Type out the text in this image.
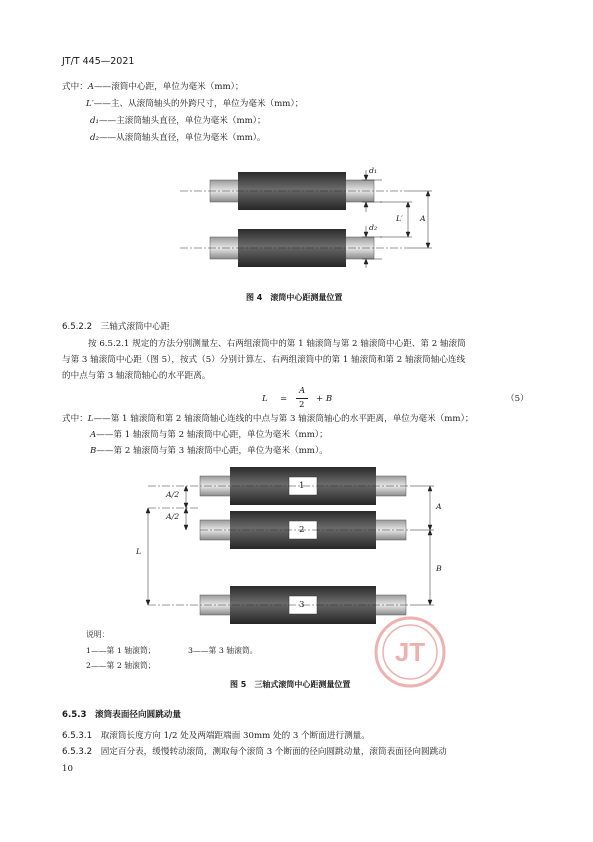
JT/T 445—2021
式中：A——滚筒中心距，单位为毫米（mm）；
L′——主、从滚筒轴头的外跨尺寸，单位为毫米（mm）；
d₁——主滚筒轴头直径，单位为毫米（mm）；
d₂——从滚筒轴头直径，单位为毫米（mm）。
d₁
d₂
L′ A
图 4　滚筒中心距测量位置
6.5.2.2　三轴式滚筒中心距
按 6.5.2.1 规定的方法分别测量左、右两组滚筒中的第 1 轴滚筒与第 2 轴滚筒中心距、第 2 轴滚筒
与第 3 轴滚筒中心距（图 5），按式（5）分别计算左、右两组滚筒中的第 1 轴滚筒和第 2 轴滚筒轴心连线
的中点与第 3 轴滚筒轴心的水平距离。
L =
A
2
+ B	（5）
式中：L——第 1 轴滚筒和第 2 轴滚筒轴心连线的中点与第 3 轴滚筒轴心的水平距离，单位为毫米（mm）；
A——第 1 轴滚筒与第 2 轴滚筒中心距，单位为毫米（mm）；
B——第 2 轴滚筒与第 3 轴滚筒中心距，单位为毫米（mm）。
1
2
3
A/2
A/2
L
A
B
说明：
1——第 1 轴滚筒；	3——第 3 轴滚筒。
2——第 2 轴滚筒；	JT
图 5　三轴式滚筒中心距测量位置
6.5.3　滚筒表面径向圆跳动量
6.5.3.1　 取滚筒长度方向 1/2 处及两端距端面 30mm 处的 3 个断面进行测量。
6.5.3.2　 固定百分表，缓慢转动滚筒，测取每个滚筒 3 个断面的径向圆跳动量，滚筒表面径向圆跳动
10
